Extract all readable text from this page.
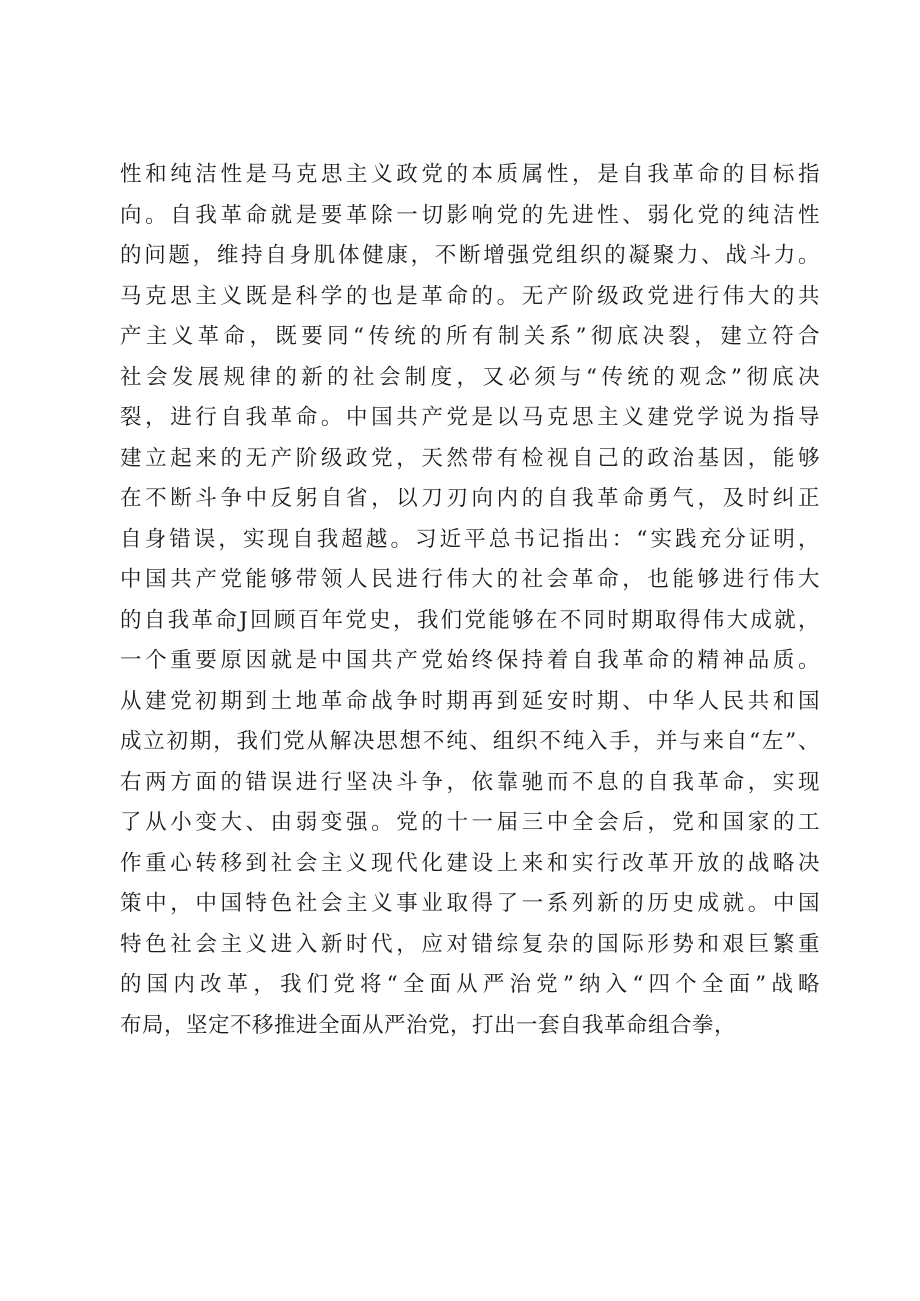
性和纯洁性是马克思主义政党的本质属性，是自我革命的目标指
向。自我革命就是要革除一切影响党的先进性、弱化党的纯洁性
的问题，维持自身肌体健康，不断增强党组织的凝聚力、战斗力。
马克思主义既是科学的也是革命的。无产阶级政党进行伟大的共
产主义革命，既要同“传统的所有制关系”彻底决裂，建立符合
社会发展规律的新的社会制度，又必须与“传统的观念”彻底决
裂，进行自我革命。中国共产党是以马克思主义建党学说为指导
建立起来的无产阶级政党，天然带有检视自己的政治基因，能够
在不断斗争中反躬自省，以刀刃向内的自我革命勇气，及时纠正
自身错误，实现自我超越。习近平总书记指出：“实践充分证明，
中国共产党能够带领人民进行伟大的社会革命，也能够进行伟大
的自我革命J回顾百年党史，我们党能够在不同时期取得伟大成就，
一个重要原因就是中国共产党始终保持着自我革命的精神品质。
从建党初期到土地革命战争时期再到延安时期、中华人民共和国
成立初期，我们党从解决思想不纯、组织不纯入手，并与来自“左”、
右两方面的错误进行坚决斗争，依靠驰而不息的自我革命，实现
了从小变大、由弱变强。党的十一届三中全会后，党和国家的工
作重心转移到社会主义现代化建设上来和实行改革开放的战略决
策中，中国特色社会主义事业取得了一系列新的历史成就。中国
特色社会主义进入新时代，应对错综复杂的国际形势和艰巨繁重
的国内改革，我们党将“全面从严治党”纳入“四个全面”战略
布局，坚定不移推进全面从严治党，打出一套自我革命组合拳，
